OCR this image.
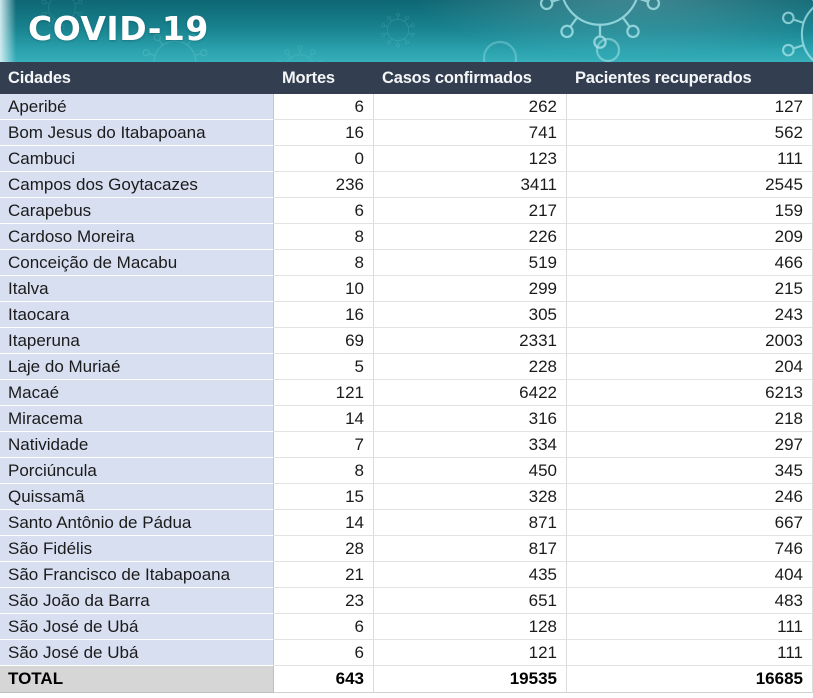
COVID-19
Cidades	Mortes	Casos confirmados	Pacientes recuperados
Aperibé	6	262	127
Bom Jesus do Itabapoana	16	741	562
Cambuci	0	123	111
Campos dos Goytacazes	236	3411	2545
Carapebus	6	217	159
Cardoso Moreira	8	226	209
Conceição de Macabu	8	519	466
Italva	10	299	215
Itaocara	16	305	243
Itaperuna	69	2331	2003
Laje do Muriaé	5	228	204
Macaé	121	6422	6213
Miracema	14	316	218
Natividade	7	334	297
Porciúncula	8	450	345
Quissamã	15	328	246
Santo Antônio de Pádua	14	871	667
São Fidélis	28	817	746
São Francisco de Itabapoana	21	435	404
São João da Barra	23	651	483
São José de Ubá	6	128	111
São José de Ubá	6	121	111
TOTAL	643	19535	16685
